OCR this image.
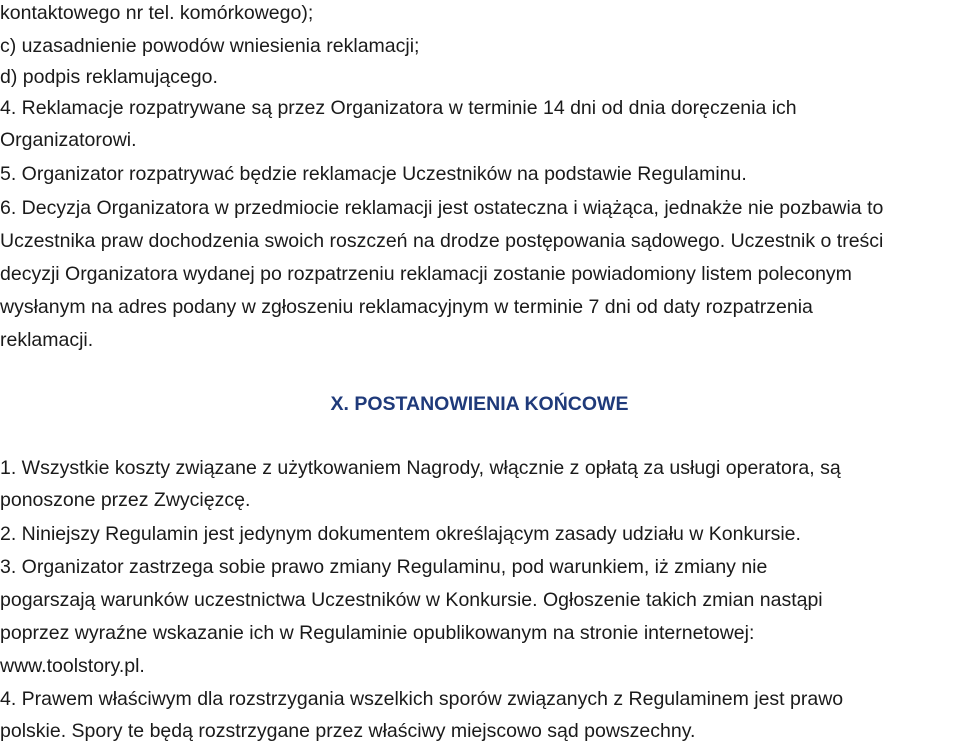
kontaktowego nr tel. komórkowego);
c) uzasadnienie powodów wniesienia reklamacji;
d) podpis reklamującego.
4. Reklamacje rozpatrywane są przez Organizatora w terminie 14 dni od dnia doręczenia ich
Organizatorowi.
5. Organizator rozpatrywać będzie reklamacje Uczestników na podstawie Regulaminu.
6. Decyzja Organizatora w przedmiocie reklamacji jest ostateczna i wiążąca, jednakże nie pozbawia to
Uczestnika praw dochodzenia swoich roszczeń na drodze postępowania sądowego. Uczestnik o treści
decyzji Organizatora wydanej po rozpatrzeniu reklamacji zostanie powiadomiony listem poleconym
wysłanym na adres podany w zgłoszeniu reklamacyjnym w terminie 7 dni od daty rozpatrzenia
reklamacji.
X. POSTANOWIENIA KOŃCOWE
1. Wszystkie koszty związane z użytkowaniem Nagrody, włącznie z opłatą za usługi operatora, są
ponoszone przez Zwycięzcę.
2. Niniejszy Regulamin jest jedynym dokumentem określającym zasady udziału w Konkursie.
3. Organizator zastrzega sobie prawo zmiany Regulaminu, pod warunkiem, iż zmiany nie
pogarszają warunków uczestnictwa Uczestników w Konkursie. Ogłoszenie takich zmian nastąpi
poprzez wyraźne wskazanie ich w Regulaminie opublikowanym na stronie internetowej:
www.toolstory.pl.
4. Prawem właściwym dla rozstrzygania wszelkich sporów związanych z Regulaminem jest prawo
polskie. Spory te będą rozstrzygane przez właściwy miejscowo sąd powszechny.
